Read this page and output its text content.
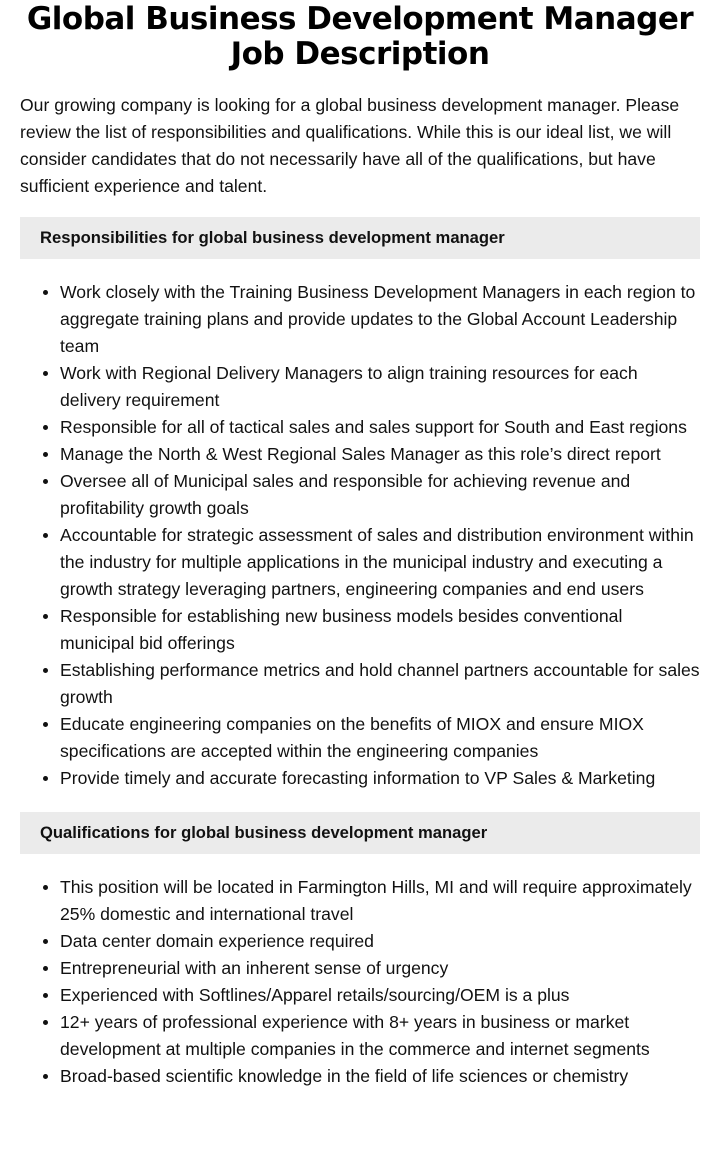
Global Business Development Manager Job Description

Our growing company is looking for a global business development manager. Please review the list of responsibilities and qualifications. While this is our ideal list, we will consider candidates that do not necessarily have all of the qualifications, but have sufficient experience and talent.

Responsibilities for global business development manager
Work closely with the Training Business Development Managers in each region to aggregate training plans and provide updates to the Global Account Leadership team
Work with Regional Delivery Managers to align training resources for each delivery requirement
Responsible for all of tactical sales and sales support for South and East regions
Manage the North & West Regional Sales Manager as this role’s direct report
Oversee all of Municipal sales and responsible for achieving revenue and profitability growth goals
Accountable for strategic assessment of sales and distribution environment within the industry for multiple applications in the municipal industry and executing a growth strategy leveraging partners, engineering companies and end users
Responsible for establishing new business models besides conventional municipal bid offerings
Establishing performance metrics and hold channel partners accountable for sales growth
Educate engineering companies on the benefits of MIOX and ensure MIOX specifications are accepted within the engineering companies
Provide timely and accurate forecasting information to VP Sales & Marketing
Qualifications for global business development manager
This position will be located in Farmington Hills, MI and will require approximately 25% domestic and international travel
Data center domain experience required
Entrepreneurial with an inherent sense of urgency
Experienced with Softlines/Apparel retails/sourcing/OEM is a plus
12+ years of professional experience with 8+ years in business or market development at multiple companies in the commerce and internet segments
Broad-based scientific knowledge in the field of life sciences or chemistry
